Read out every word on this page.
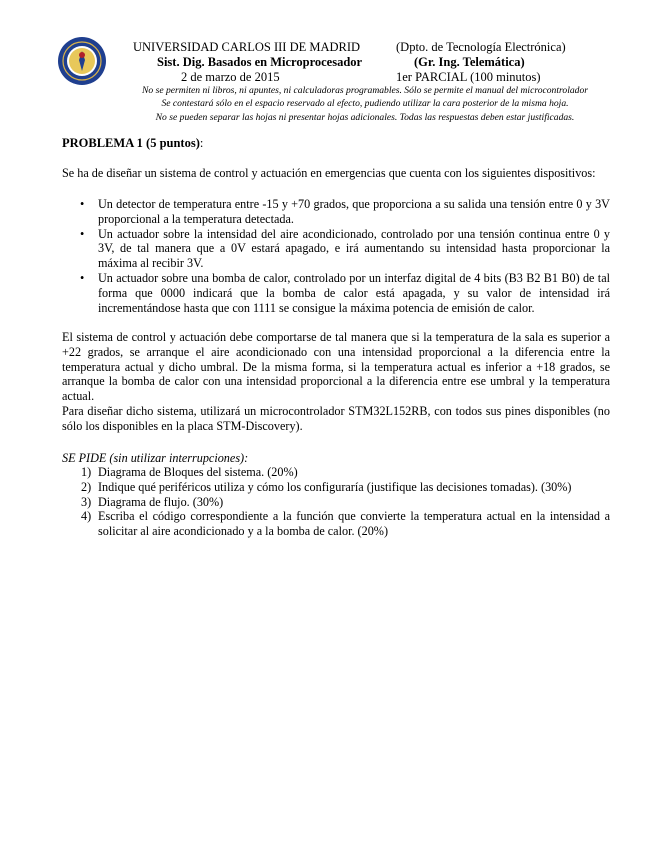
UNIVERSIDAD CARLOS III DE MADRID	(Dpto. de Tecnología Electrónica)
Sist. Dig. Basados en Microprocesador	(Gr. Ing. Telemática)
2 de marzo de 2015	1er PARCIAL (100 minutos)
No se permiten ni libros, ni apuntes, ni calculadoras programables. Sólo se permite el manual del microcontrolador
Se contestará sólo en el espacio reservado al efecto, pudiendo utilizar la cara posterior de la misma hoja.
No se pueden separar las hojas ni presentar hojas adicionales. Todas las respuestas deben estar justificadas.
PROBLEMA 1 (5 puntos):
Se ha de diseñar un sistema de control y actuación en emergencias que cuenta con los siguientes dispositivos:
• Un detector de temperatura entre -15 y +70 grados, que proporciona a su salida una tensión entre 0 y 3V proporcional a la temperatura detectada.
• Un actuador sobre la intensidad del aire acondicionado, controlado por una tensión continua entre 0 y 3V, de tal manera que a 0V estará apagado, e irá aumentando su intensidad hasta proporcionar la máxima al recibir 3V.
• Un actuador sobre una bomba de calor, controlado por un interfaz digital de 4 bits (B3 B2 B1 B0) de tal forma que 0000 indicará que la bomba de calor está apagada, y su valor de intensidad irá incrementándose hasta que con 1111 se consigue la máxima potencia de emisión de calor.
El sistema de control y actuación debe comportarse de tal manera que si la temperatura de la sala es superior a +22 grados, se arranque el aire acondicionado con una intensidad proporcional a la diferencia entre la temperatura actual y dicho umbral. De la misma forma, si la temperatura actual es inferior a +18 grados, se arranque la bomba de calor con una intensidad proporcional a la diferencia entre ese umbral y la temperatura actual.
Para diseñar dicho sistema, utilizará un microcontrolador STM32L152RB, con todos sus pines disponibles (no sólo los disponibles en la placa STM-Discovery).
SE PIDE (sin utilizar interrupciones):
1) Diagrama de Bloques del sistema. (20%)
2) Indique qué periféricos utiliza y cómo los configuraría (justifique las decisiones tomadas). (30%)
3) Diagrama de flujo. (30%)
4) Escriba el código correspondiente a la función que convierte la temperatura actual en la intensidad a solicitar al aire acondicionado y a la bomba de calor. (20%)
